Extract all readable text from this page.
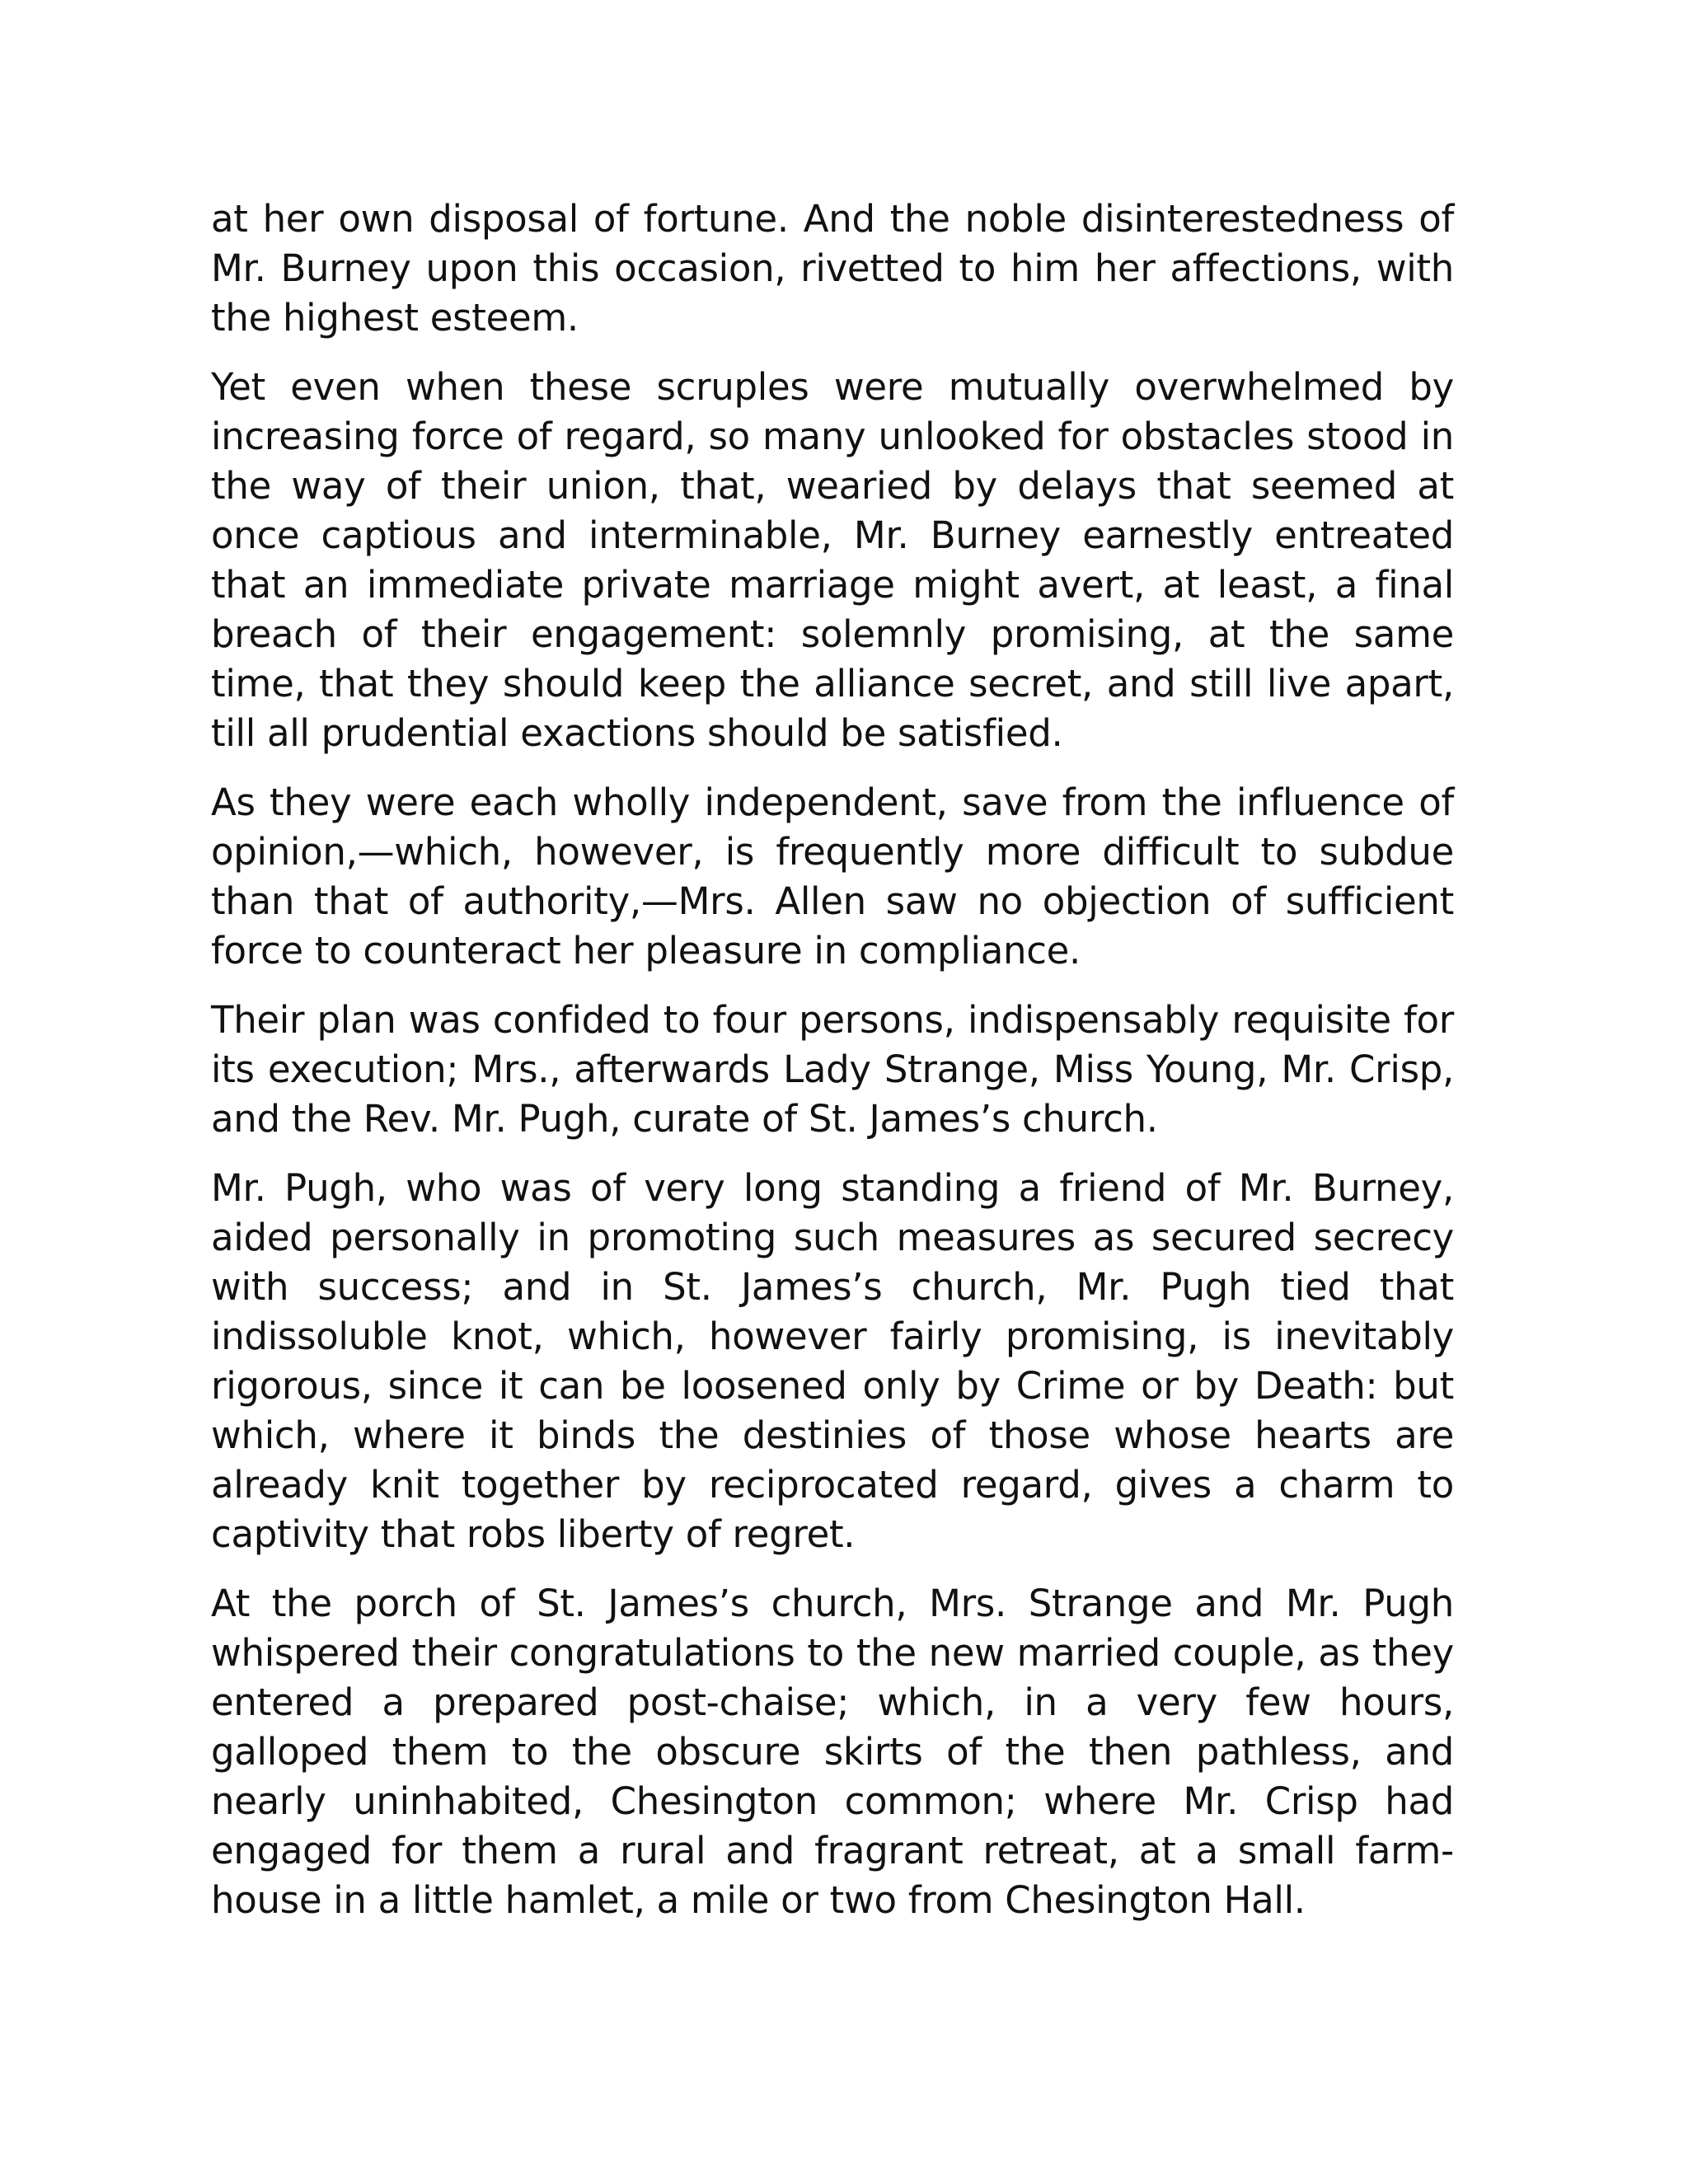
at her own disposal of fortune. And the noble disinterestedness of Mr. Burney upon this occasion, rivetted to him her affections, with the highest esteem.

Yet even when these scruples were mutually overwhelmed by increasing force of regard, so many unlooked for obstacles stood in the way of their union, that, wearied by delays that seemed at once captious and interminable, Mr. Burney earnestly entreated that an immediate private marriage might avert, at least, a final breach of their engagement: solemnly promising, at the same time, that they should keep the alliance secret, and still live apart, till all prudential exactions should be satisfied.

As they were each wholly independent, save from the influence of opinion,—which, however, is frequently more difficult to subdue than that of authority,—Mrs. Allen saw no objection of sufficient force to counteract her pleasure in compliance.

Their plan was confided to four persons, indispensably requisite for its execution; Mrs., afterwards Lady Strange, Miss Young, Mr. Crisp, and the Rev. Mr. Pugh, curate of St. James’s church.

Mr. Pugh, who was of very long standing a friend of Mr. Burney, aided personally in promoting such measures as secured secrecy with success; and in St. James’s church, Mr. Pugh tied that indissoluble knot, which, however fairly promising, is inevitably rigorous, since it can be loosened only by Crime or by Death: but which, where it binds the destinies of those whose hearts are already knit together by reciprocated regard, gives a charm to captivity that robs liberty of regret.

At the porch of St. James’s church, Mrs. Strange and Mr. Pugh whispered their congratulations to the new married couple, as they entered a prepared post-chaise; which, in a very few hours, galloped them to the obscure skirts of the then pathless, and nearly uninhabited, Chesington common; where Mr. Crisp had engaged for them a rural and fragrant retreat, at a small farm-house in a little hamlet, a mile or two from Chesington Hall.
